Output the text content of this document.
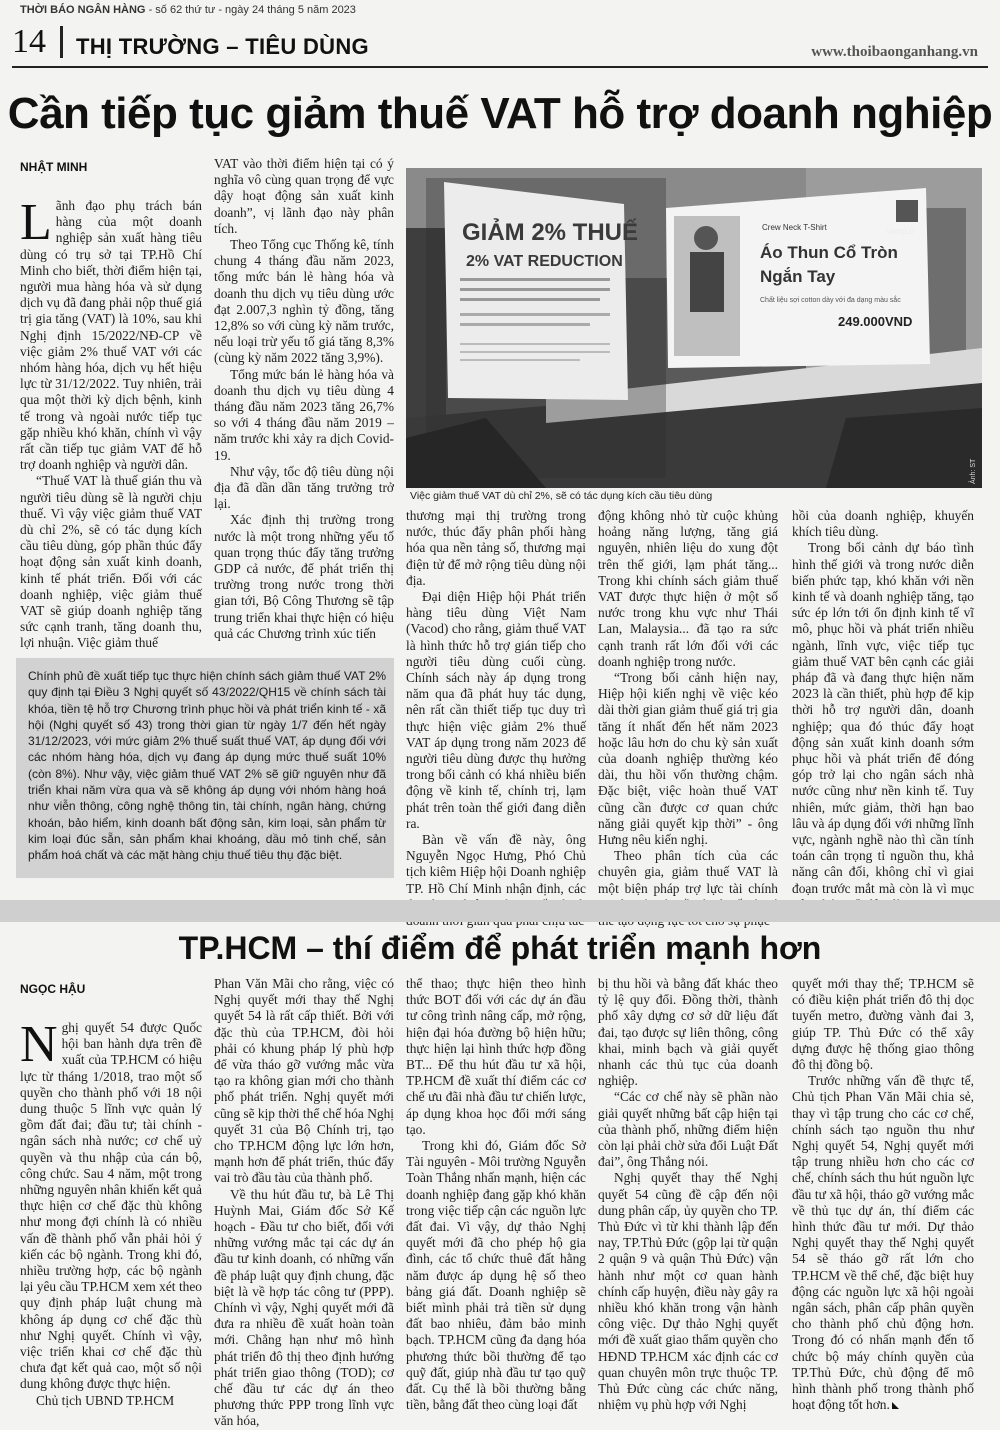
THỜI BÁO NGÂN HÀNG - số 62 thứ tư - ngày 24 tháng 5 năm 2023
14 THỊ TRƯỜNG – TIÊU DÙNG	www.thoibaonganhang.vn
Cần tiếp tục giảm thuế VAT hỗ trợ doanh nghiệp
NHẬT MINH

Lãnh đạo phụ trách bán hàng của một doanh nghiệp sản xuất hàng tiêu dùng có trụ sở tại TP.Hồ Chí Minh cho biết, thời điểm hiện tại, người mua hàng hóa và sử dụng dịch vụ đã đang phải nộp thuế giá trị gia tăng (VAT) là 10%, sau khi Nghị định 15/2022/NĐ-CP về việc giảm 2% thuế VAT với các nhóm hàng hóa, dịch vụ hết hiệu lực từ 31/12/2022. Tuy nhiên, trải qua một thời kỳ dịch bệnh, kinh tế trong và ngoài nước tiếp tục gặp nhiều khó khăn, chính vì vậy rất cần tiếp tục giảm VAT để hỗ trợ doanh nghiệp và người dân.

“Thuế VAT là thuế gián thu và người tiêu dùng sẽ là người chịu thuế. Vì vậy việc giảm thuế VAT dù chỉ 2%, sẽ có tác dụng kích cầu tiêu dùng, góp phần thúc đẩy hoạt động sản xuất kinh doanh, kinh tế phát triển. Đối với các doanh nghiệp, việc giảm thuế VAT sẽ giúp doanh nghiệp tăng sức cạnh tranh, tăng doanh thu, lợi nhuận. Việc giảm thuế

VAT vào thời điểm hiện tại có ý nghĩa vô cùng quan trọng để vực dậy hoạt động sản xuất kinh doanh”, vị lãnh đạo này phân tích.

Theo Tổng cục Thống kê, tính chung 4 tháng đầu năm 2023, tổng mức bán lẻ hàng hóa và doanh thu dịch vụ tiêu dùng ước đạt 2.007,3 nghìn tỷ đồng, tăng 12,8% so với cùng kỳ năm trước, nếu loại trừ yếu tố giá tăng 8,3% (cùng kỳ năm 2022 tăng 3,9%).

Tổng mức bán lẻ hàng hóa và doanh thu dịch vụ tiêu dùng 4 tháng đầu năm 2023 tăng 26,7% so với 4 tháng đầu năm 2019 – năm trước khi xảy ra dịch Covid-19.

Như vậy, tốc độ tiêu dùng nội địa đã dần dần tăng trưởng trở lại.

Xác định thị trường trong nước là một trong những yếu tố quan trọng thúc đẩy tăng trưởng GDP cả nước, để phát triển thị trường trong nước trong thời gian tới, Bộ Công Thương sẽ tập trung triển khai thực hiện có hiệu quả các Chương trình xúc tiến

GIẢM 2% THUẾ
2% VAT REDUCTION
Crew Neck T-Shirt
Áo Thun Cổ Tròn
Ngắn Tay
Chất liệu sợi cotton dày với đa dạng màu sắc
249.000VND
UNIQLO
Ảnh: ST
Việc giảm thuế VAT dù chỉ 2%, sẽ có tác dụng kích cầu tiêu dùng

thương mại thị trường trong nước, thúc đẩy phân phối hàng hóa qua nền tảng số, thương mại điện tử để mở rộng tiêu dùng nội địa.

Đại diện Hiệp hội Phát triển hàng tiêu dùng Việt Nam (Vacod) cho rằng, giảm thuế VAT là hình thức hỗ trợ gián tiếp cho người tiêu dùng cuối cùng. Chính sách này áp dụng trong năm qua đã phát huy tác dụng, nên rất cần thiết tiếp tục duy trì thực hiện việc giảm 2% thuế VAT áp dụng trong năm 2023 để người tiêu dùng được thụ hưởng trong bối cảnh có khá nhiều biến động về kinh tế, chính trị, lạm phát trên toàn thế giới đang diễn ra.

Bàn về vấn đề này, ông Nguyễn Ngọc Hưng, Phó Chủ tịch kiêm Hiệp hội Doanh nghiệp TP. Hồ Chí Minh nhận định, các

động không nhỏ từ cuộc khủng hoảng năng lượng, tăng giá nguyên, nhiên liệu do xung đột trên thế giới, lạm phát tăng... Trong khi chính sách giảm thuế VAT được thực hiện ở một số nước trong khu vực như Thái Lan, Malaysia... đã tạo ra sức cạnh tranh rất lớn đối với các doanh nghiệp trong nước.

“Trong bối cảnh hiện nay, Hiệp hội kiến nghị về việc kéo dài thời gian giảm thuế giá trị gia tăng ít nhất đến hết năm 2023 hoặc lâu hơn do chu kỳ sản xuất của doanh nghiệp thường kéo dài, thu hồi vốn thường chậm. Đặc biệt, việc hoàn thuế VAT cũng cần được cơ quan chức năng giải quyết kịp thời” - ông Hưng nêu kiến nghị.

Theo phân tích của các chuyên gia, giảm thuế VAT là một biện pháp trợ lực tài chính

hồi của doanh nghiệp, khuyến khích tiêu dùng.

Trong bối cảnh dự báo tình hình thế giới và trong nước diễn biến phức tạp, khó khăn với nền kinh tế và doanh nghiệp tăng, tạo sức ép lớn tới ổn định kinh tế vĩ mô, phục hồi và phát triển nhiều ngành, lĩnh vực, việc tiếp tục giảm thuế VAT bên cạnh các giải pháp đã và đang thực hiện năm 2023 là cần thiết, phù hợp để kịp thời hỗ trợ người dân, doanh nghiệp; qua đó thúc đẩy hoạt động sản xuất kinh doanh sớm phục hồi và phát triển để đóng góp trở lại cho ngân sách nhà nước cũng như nền kinh tế. Tuy nhiên, mức giảm, thời hạn bao lâu và áp dụng đối với những lĩnh vực, ngành nghề nào thì cần tính toán cân trọng tỉ nguồn thu, khả năng cân đối, không chỉ vì giai đoạn trước mắt mà còn là vì mục

Chính phủ đề xuất tiếp tục thực hiện chính sách giảm thuế VAT 2% quy định tại Điều 3 Nghị quyết số 43/2022/QH15 về chính sách tài khóa, tiền tệ hỗ trợ Chương trình phục hồi và phát triển kinh tế - xã hội (Nghị quyết số 43) trong thời gian từ ngày 1/7 đến hết ngày 31/12/2023, với mức giảm 2% thuế suất thuế VAT, áp dụng đối với các nhóm hàng hóa, dịch vụ đang áp dụng mức thuế suất 10% (còn 8%). Như vậy, việc giảm thuế VAT 2% sẽ giữ nguyên như đã triển khai năm vừa qua và sẽ không áp dụng với nhóm hàng hoá như viễn thông, công nghệ thông tin, tài chính, ngân hàng, chứng khoán, bảo hiểm, kinh doanh bất động sản, kim loại, sản phẩm từ kim loại đúc sẵn, sản phẩm khai khoáng, dầu mỏ tinh chế, sản phẩm hoá chất và các mặt hàng chịu thuế tiêu thụ đặc biệt.
TP.HCM – thí điểm để phát triển mạnh hơn
NGỌC HẬU

Nghị quyết 54 được Quốc hội ban hành dựa trên đề xuất của TP.HCM có hiệu lực từ tháng 1/2018, trao một số quyền cho thành phố với 18 nội dung thuộc 5 lĩnh vực quản lý gồm đất đai; đầu tư; tài chính - ngân sách nhà nước; cơ chế uỷ quyền và thu nhập của cán bộ, công chức. Sau 4 năm, một trong những nguyên nhân khiến kết quả thực hiện cơ chế đặc thù không như mong đợi chính là có nhiều vấn đề thành phố vẫn phải hỏi ý kiến các bộ ngành. Trong khi đó, nhiều trường hợp, các bộ ngành lại yêu cầu TP.HCM xem xét theo quy định pháp luật chung mà không áp dụng cơ chế đặc thù như Nghị quyết. Chính vì vậy, việc triển khai cơ chế đặc thù chưa đạt kết quả cao, một số nội dung không được thực hiện.

Chủ tịch UBND TP.HCM

Phan Văn Mãi cho rằng, việc có Nghị quyết mới thay thế Nghị quyết 54 là rất cấp thiết. Bởi với đặc thù của TP.HCM, đòi hỏi phải có khung pháp lý phù hợp để vừa tháo gỡ vướng mắc vừa tạo ra không gian mới cho thành phố phát triển. Nghị quyết mới cũng sẽ kịp thời thể chế hóa Nghị quyết 31 của Bộ Chính trị, tạo cho TP.HCM động lực lớn hơn, mạnh hơn để phát triển, thúc đẩy vai trò đầu tàu của thành phố.

Về thu hút đầu tư, bà Lê Thị Huỳnh Mai, Giám đốc Sở Kế hoạch - Đầu tư cho biết, đối với những vướng mắc tại các dự án đầu tư kinh doanh, có những vấn đề pháp luật quy định chung, đặc biệt là về hợp tác công tư (PPP). Chính vì vậy, Nghị quyết mới đã đưa ra nhiều đề xuất hoàn toàn mới. Chẳng hạn như mô hình phát triển đô thị theo định hướng phát triển giao thông (TOD); cơ chế đầu tư các dự án theo phương thức PPP trong lĩnh vực văn hóa,

thể thao; thực hiện theo hình thức BOT đối với các dự án đầu tư công trình nâng cấp, mở rộng, hiện đại hóa đường bộ hiện hữu; thực hiện lại hình thức hợp đồng BT... Để thu hút đầu tư xã hội, TP.HCM đề xuất thí điểm các cơ chế ưu đãi nhà đầu tư chiến lược, áp dụng khoa học đổi mới sáng tạo.

Trong khi đó, Giám đốc Sở Tài nguyên - Môi trường Nguyễn Toàn Thắng nhấn mạnh, hiện các doanh nghiệp đang gặp khó khăn trong việc tiếp cận các nguồn lực đất đai. Vì vậy, dự thảo Nghị quyết mới đã cho phép hộ gia đình, các tổ chức thuê đất hằng năm được áp dụng hệ số theo bảng giá đất. Doanh nghiệp sẽ biết mình phải trả tiền sử dụng đất bao nhiêu, đảm bảo minh bạch. TP.HCM cũng đa dạng hóa phương thức bồi thường để tạo quỹ đất, giúp nhà đầu tư tạo quỹ đất. Cụ thể là bồi thường bằng tiền, bằng đất theo cùng loại đất

bị thu hồi và bằng đất khác theo tỷ lệ quy đổi. Đồng thời, thành phố xây dựng cơ sở dữ liệu đất đai, tạo được sự liên thông, công khai, minh bạch và giải quyết nhanh các thủ tục của doanh nghiệp.

“Các cơ chế này sẽ phần nào giải quyết những bất cập hiện tại của thành phố, những điểm hiện còn lại phải chờ sửa đổi Luật Đất đai”, ông Thắng nói.

Nghị quyết thay thế Nghị quyết 54 cũng đề cập đến nội dung phân cấp, ủy quyền cho TP. Thủ Đức vì từ khi thành lập đến nay, TP.Thủ Đức (gộp lại từ quận 2 quận 9 và quận Thủ Đức) vận hành như một cơ quan hành chính cấp huyện, điều này gây ra nhiều khó khăn trong vận hành công việc. Dự thảo Nghị quyết mới đề xuất giao thẩm quyền cho HĐND TP.HCM xác định các cơ quan chuyên môn trực thuộc TP. Thủ Đức cùng các chức năng, nhiệm vụ phù hợp với Nghị

quyết mới thay thế; TP.HCM sẽ có điều kiện phát triển đô thị dọc tuyến metro, đường vành đai 3, giúp TP. Thủ Đức có thể xây dựng được hệ thống giao thông đô thị đồng bộ.

Trước những vấn đề thực tế, Chủ tịch Phan Văn Mãi chia sẻ, thay vì tập trung cho các cơ chế, chính sách tạo nguồn thu như Nghị quyết 54, Nghị quyết mới tập trung nhiều hơn cho các cơ chế, chính sách thu hút nguồn lực đầu tư xã hội, tháo gỡ vướng mắc về thủ tục dự án, thí điểm các hình thức đầu tư mới. Dự thảo Nghị quyết thay thế Nghị quyết 54 sẽ tháo gỡ rất lớn cho TP.HCM về thể chế, đặc biệt huy động các nguồn lực xã hội ngoài ngân sách, phân cấp phân quyền cho thành phố chủ động hơn. Trong đó có nhấn mạnh đến tổ chức bộ máy chính quyền của TP.Thủ Đức, chủ động để mô hình thành phố trong thành phố hoạt động tốt hơn.
